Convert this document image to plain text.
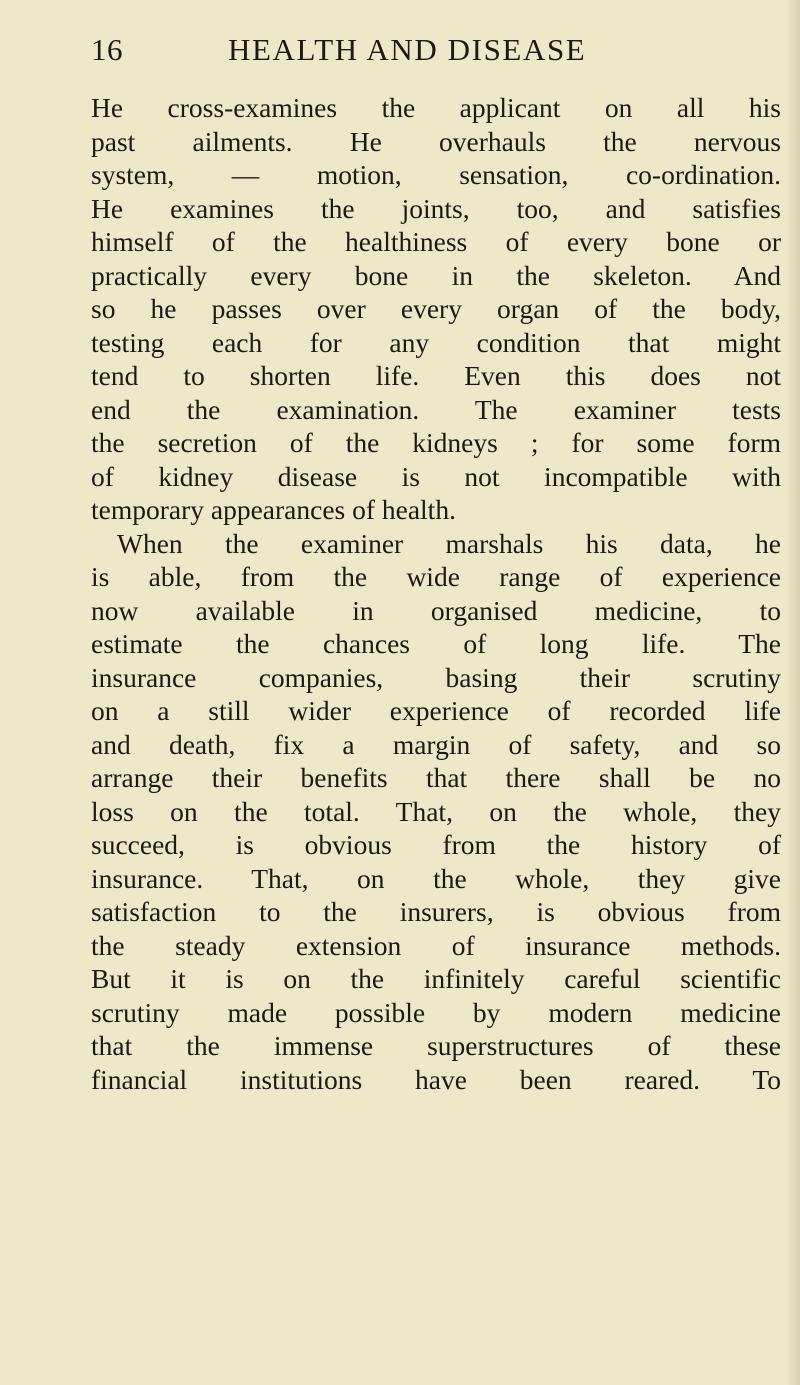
16	HEALTH AND DISEASE
He cross-examines the applicant on all his
past ailments. He overhauls the nervous
system, — motion, sensation, co-ordination.
He examines the joints, too, and satisfies
himself of the healthiness of every bone or
practically every bone in the skeleton. And
so he passes over every organ of the body,
testing each for any condition that might
tend to shorten life. Even this does not
end the examination. The examiner tests
the secretion of the kidneys ; for some form
of kidney disease is not incompatible with
temporary appearances of health.
When the examiner marshals his data, he
is able, from the wide range of experience
now available in organised medicine, to
estimate the chances of long life. The
insurance companies, basing their scrutiny
on a still wider experience of recorded life
and death, fix a margin of safety, and so
arrange their benefits that there shall be no
loss on the total. That, on the whole, they
succeed, is obvious from the history of
insurance. That, on the whole, they give
satisfaction to the insurers, is obvious from
the steady extension of insurance methods.
But it is on the infinitely careful scientific
scrutiny made possible by modern medicine
that the immense superstructures of these
financial institutions have been reared. To
